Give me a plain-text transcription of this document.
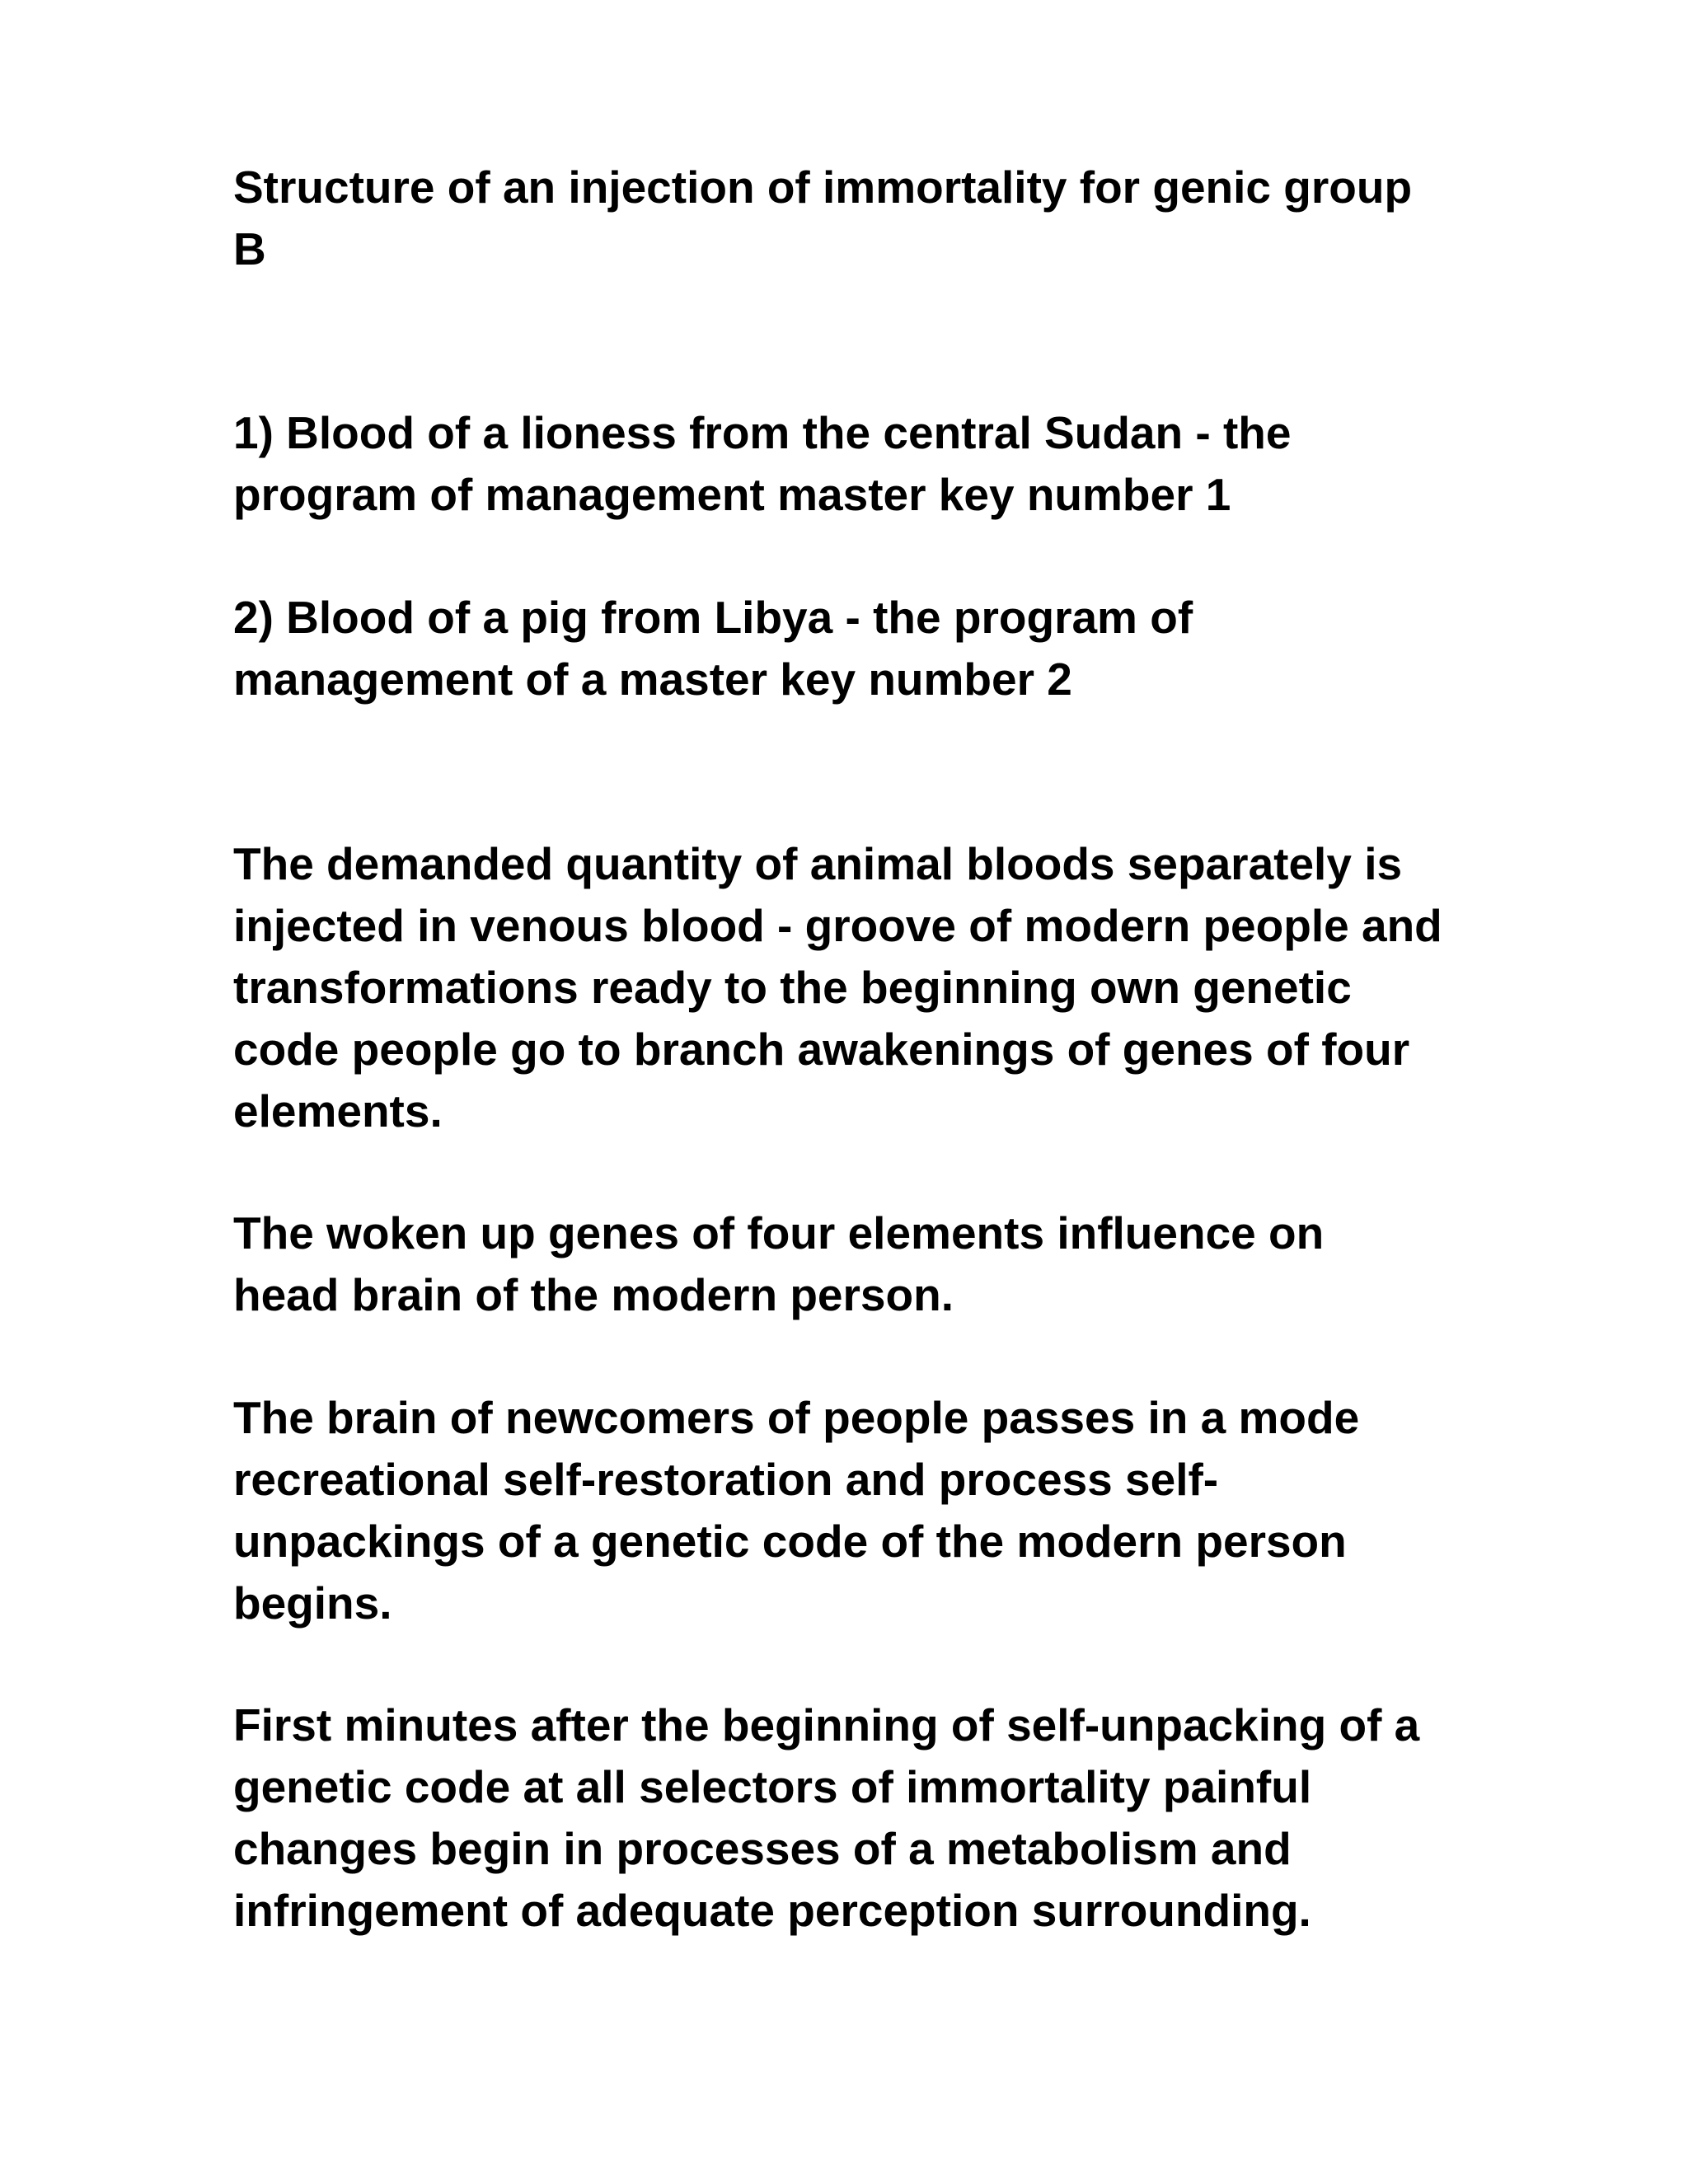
Structure of an injection of immortality for genic group

B

1) Blood of a lioness from the central Sudan - the

program of management master key number 1

2) Blood of a pig from Libya - the program of

management of a master key number 2

The demanded quantity of animal bloods separately is

injected in venous blood - groove of modern people and

transformations ready to the beginning own genetic

code people go to branch awakenings of genes of four

elements.

The woken up genes of four elements influence on

head brain of the modern person.

The brain of newcomers of people passes in a mode

recreational self-restoration and process self-

unpackings of a genetic code of the modern person

begins.

First minutes after the beginning of self-unpacking of a

genetic code at all selectors of immortality painful

changes begin in processes of a metabolism and

infringement of adequate perception surrounding.
